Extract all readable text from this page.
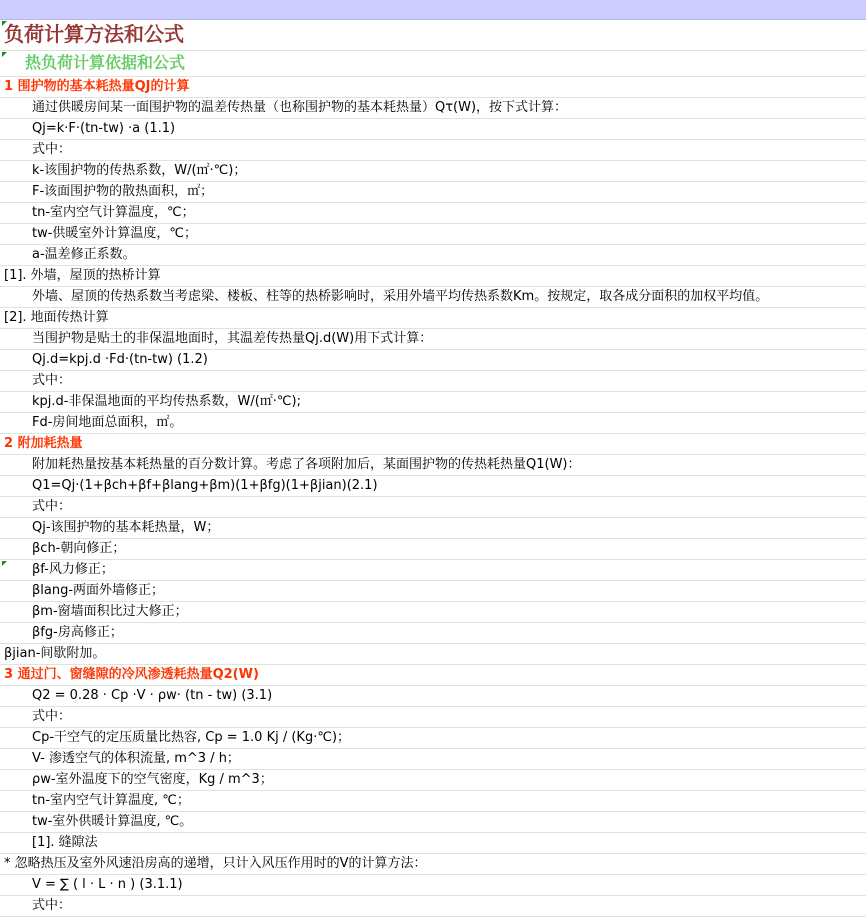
负荷计算方法和公式
热负荷计算依据和公式
1 围护物的基本耗热量QJ的计算
通过供暖房间某一面围护物的温差传热量（也称围护物的基本耗热量）Qτ(W)，按下式计算：
Qj=k·F·(tn-tw) ·a (1.1)
式中：
k-该围护物的传热系数，W/(㎡·℃)；
F-该面围护物的散热面积，㎡；
tn-室内空气计算温度，℃；
tw-供暖室外计算温度，℃；
a-温差修正系数。
[1]. 外墙，屋顶的热桥计算
外墙、屋顶的传热系数当考虑梁、楼板、柱等的热桥影响时，采用外墙平均传热系数Km。按规定，取各成分面积的加权平均值。
[2]. 地面传热计算
当围护物是贴土的非保温地面时，其温差传热量Qj.d(W)用下式计算：
Qj.d=kpj.d ·Fd·(tn-tw) (1.2)
式中：
kpj.d-非保温地面的平均传热系数，W/(㎡·℃);
Fd-房间地面总面积，㎡。
2 附加耗热量
附加耗热量按基本耗热量的百分数计算。考虑了各项附加后，某面围护物的传热耗热量Q1(W)：
Q1=Qj·(1+βch+βf+βlang+βm)(1+βfg)(1+βjian)(2.1)
式中：
Qj-该围护物的基本耗热量，W；
βch-朝向修正；
βf-风力修正；
βlang-两面外墙修正；
βm-窗墙面积比过大修正；
βfg-房高修正；
βjian-间歇附加。
3 通过门、窗缝隙的冷风渗透耗热量Q2(W)
Q2 = 0.28 · Cp ·V · ρw· (tn - tw) (3.1)
式中：
Cp-干空气的定压质量比热容, Cp = 1.0 Kj / (Kg·℃)；
V- 渗透空气的体积流量, m^3 / h；
ρw-室外温度下的空气密度，Kg / m^3；
tn-室内空气计算温度, ℃；
tw-室外供暖计算温度, ℃。
[1]. 缝隙法
* 忽略热压及室外风速沿房高的递增，只计入风压作用时的V的计算方法：
V = ∑ ( l · L · n ) (3.1.1)
式中：
